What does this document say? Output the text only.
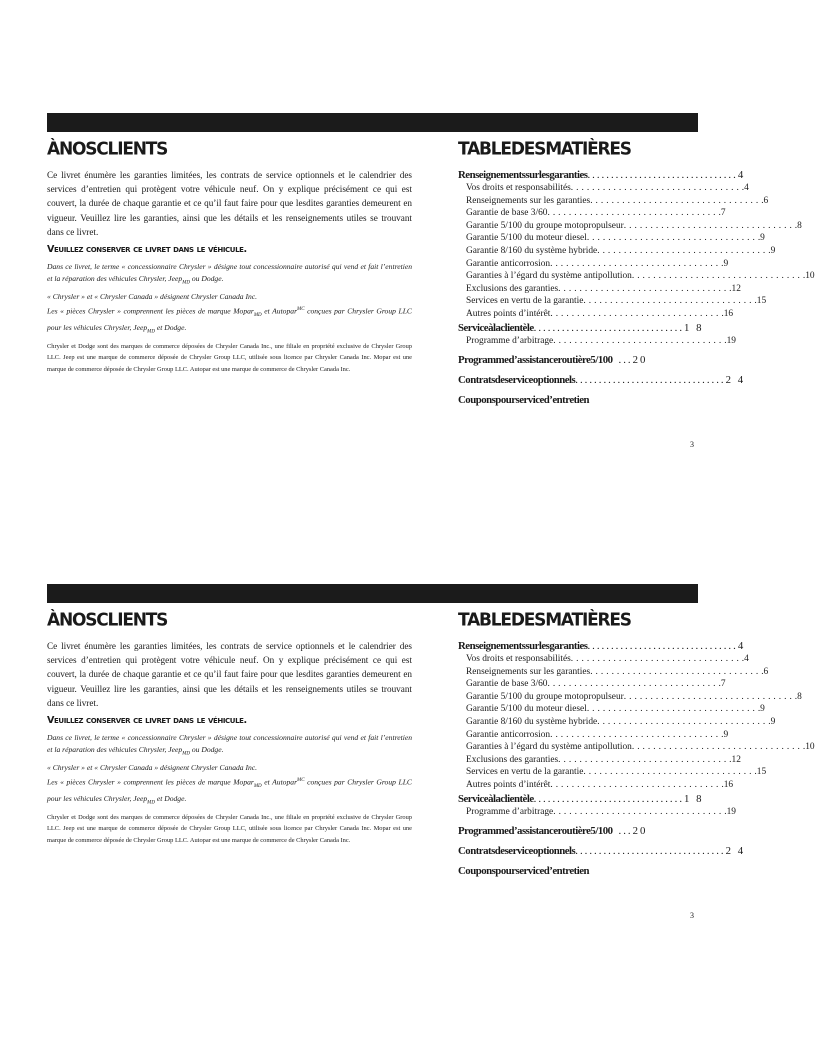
ÀNOSCLIENTS

Ce livret énumère les garanties limitées, les contrats de service optionnels et le calendrier des services d’entretien qui protègent votre véhicule neuf. On y explique précisément ce qui est couvert, la durée de chaque garantie et ce qu’il faut faire pour que lesdites garanties demeurent en vigueur. Veuillez lire les garanties, ainsi que les détails et les renseignements utiles se trouvant dans ce livret.

Veuillez conserver ce livret dans le véhicule.

Dans ce livret, le terme « concessionnaire Chrysler » désigne tout concessionnaire autorisé qui vend et fait l’entretien et la réparation des véhicules Chrysler, Jeep$_{MD}$ ou Dodge.

« Chrysler » et « Chrysler Canada » désignent Chrysler Canada Inc.

Les « pièces Chrysler » comprennent les pièces de marque Mopar$_{MD}$ et Autopar$^{MC}$ conçues par Chrysler Group LLC pour les véhicules Chrysler, Jeep$_{MD}$ et Dodge.

Chrysler et Dodge sont des marques de commerce déposées de Chrysler Canada Inc., une filiale en propriété exclusive de Chrysler Group LLC. Jeep est une marque de commerce déposée de Chrysler Group LLC, utilisée sous licence par Chrysler Canada Inc. Mopar est une marque de commerce déposée de Chrysler Group LLC. Autopar est une marque de commerce de Chrysler Canada Inc.

TABLEDESMATIÈRES
Renseignementssurlesgaranties ................................ 4
Vos droits et responsabilités ................................ .4
Renseignements sur les garanties ................................ .6
Garantie de base 3/60 ................................ .7
Garantie 5/100 du groupe motopropulseur ................................ .8
Garantie 5/100 du moteur diesel ................................ .9
Garantie 8/160 du système hybride ................................ .9
Garantie anticorrosion ................................ .9
Garanties à l’égard du système antipollution ................................ .10
Exclusions des garanties ................................ .12
Services en vertu de la garantie ................................ .15
Autres points d’intérêt ................................ .16
Serviceàlaclientèle ................................ 1 8
Programme d’arbitrage ................................ .19
Programmed’assistanceroutière5/100 ...20
Contratsdeserviceoptionnels ................................ 2 4
Couponspourserviced’entretien
3
ÀNOSCLIENTS

Ce livret énumère les garanties limitées, les contrats de service optionnels et le calendrier des services d’entretien qui protègent votre véhicule neuf. On y explique précisément ce qui est couvert, la durée de chaque garantie et ce qu’il faut faire pour que lesdites garanties demeurent en vigueur. Veuillez lire les garanties, ainsi que les détails et les renseignements utiles se trouvant dans ce livret.

Veuillez conserver ce livret dans le véhicule.

Dans ce livret, le terme « concessionnaire Chrysler » désigne tout concessionnaire autorisé qui vend et fait l’entretien et la réparation des véhicules Chrysler, Jeep$_{MD}$ ou Dodge.

« Chrysler » et « Chrysler Canada » désignent Chrysler Canada Inc.

Les « pièces Chrysler » comprennent les pièces de marque Mopar$_{MD}$ et Autopar$^{MC}$ conçues par Chrysler Group LLC pour les véhicules Chrysler, Jeep$_{MD}$ et Dodge.

Chrysler et Dodge sont des marques de commerce déposées de Chrysler Canada Inc., une filiale en propriété exclusive de Chrysler Group LLC. Jeep est une marque de commerce déposée de Chrysler Group LLC, utilisée sous licence par Chrysler Canada Inc. Mopar est une marque de commerce déposée de Chrysler Group LLC. Autopar est une marque de commerce de Chrysler Canada Inc.

TABLEDESMATIÈRES
Renseignementssurlesgaranties ................................ 4
Vos droits et responsabilités ................................ .4
Renseignements sur les garanties ................................ .6
Garantie de base 3/60 ................................ .7
Garantie 5/100 du groupe motopropulseur ................................ .8
Garantie 5/100 du moteur diesel ................................ .9
Garantie 8/160 du système hybride ................................ .9
Garantie anticorrosion ................................ .9
Garanties à l’égard du système antipollution ................................ .10
Exclusions des garanties ................................ .12
Services en vertu de la garantie ................................ .15
Autres points d’intérêt ................................ .16
Serviceàlaclientèle ................................ 1 8
Programme d’arbitrage ................................ .19
Programmed’assistanceroutière5/100 ...20
Contratsdeserviceoptionnels ................................ 2 4
Couponspourserviced’entretien
3
